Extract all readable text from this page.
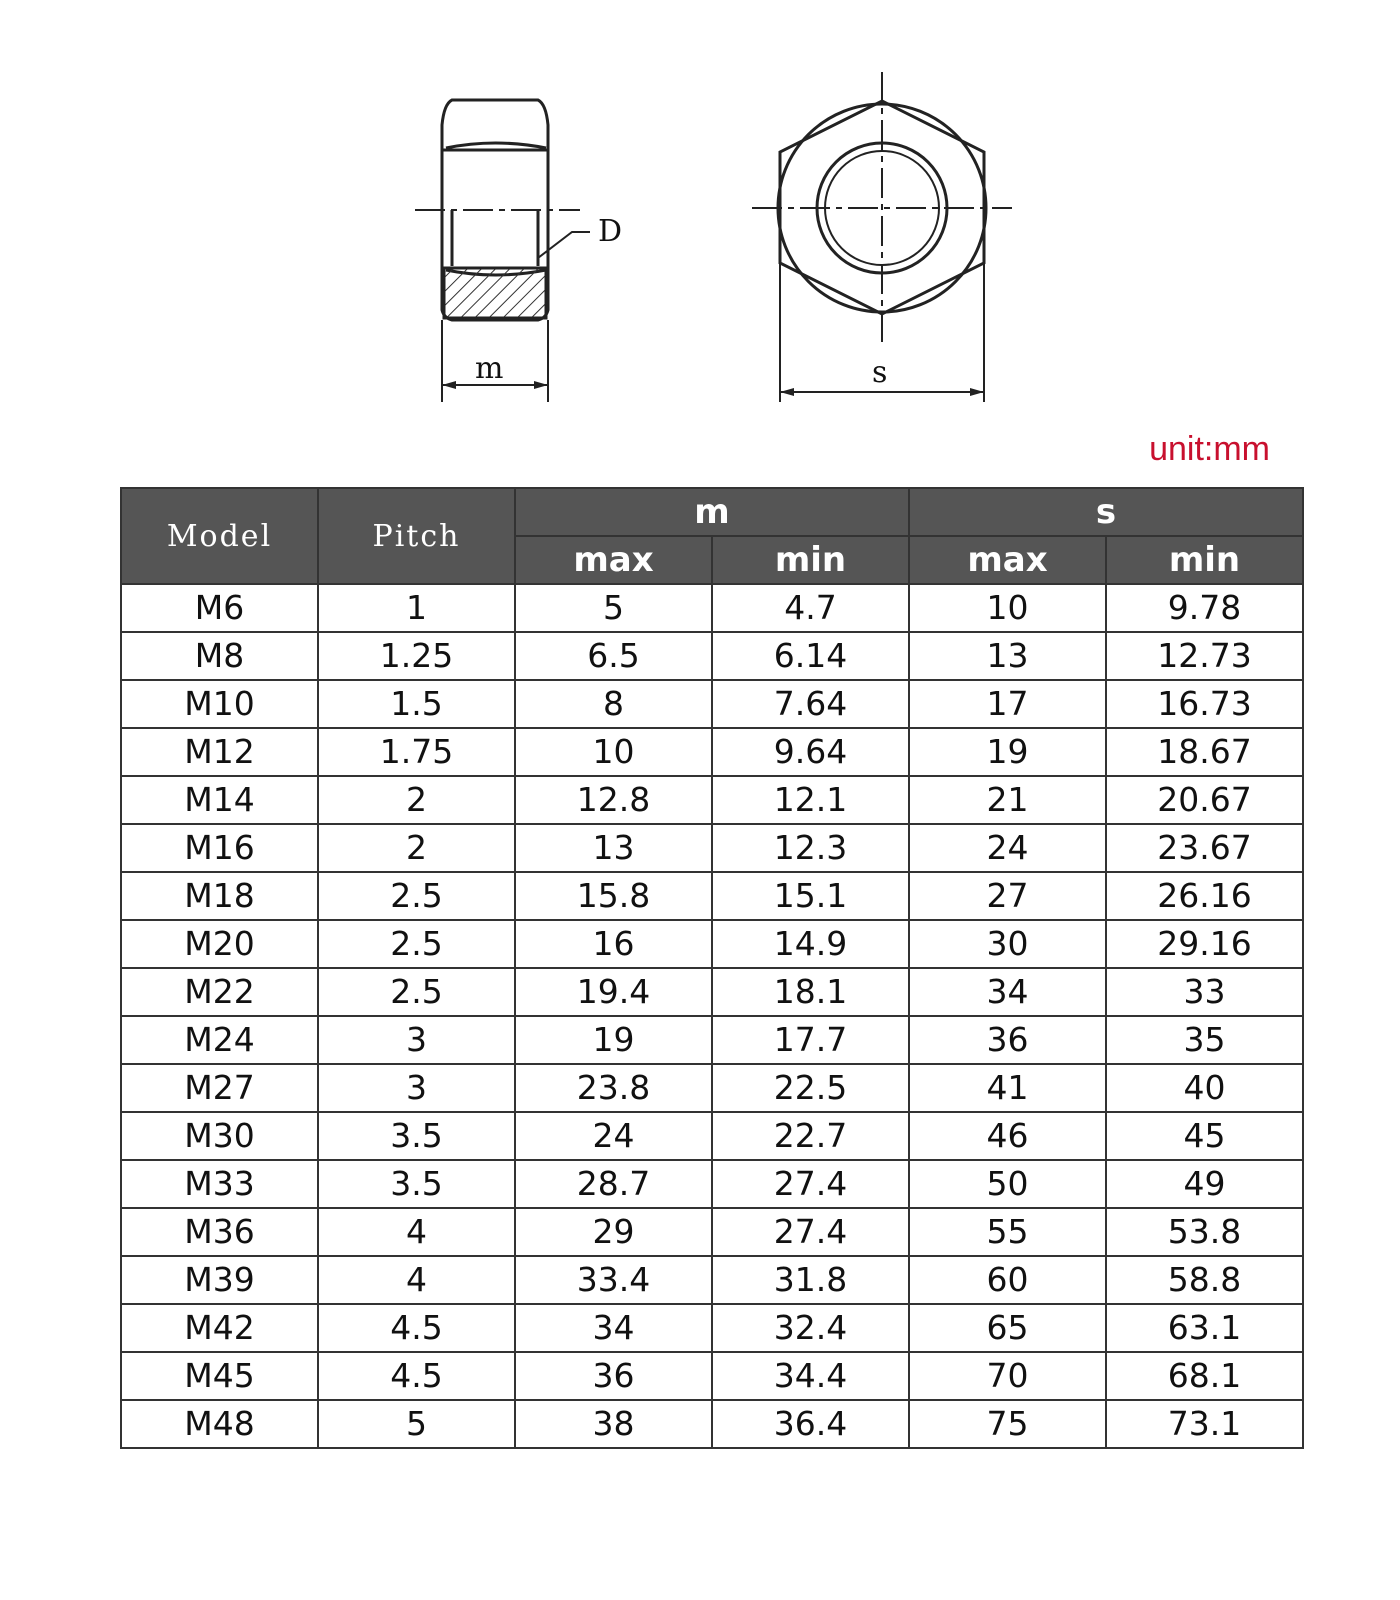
D
m	s
unit:mm
Model	Pitch	m		s	
		max	min	max	min
M6	1	5	4.7	10	9.78
M8	1.25	6.5	6.14	13	12.73
M10	1.5	8	7.64	17	16.73
M12	1.75	10	9.64	19	18.67
M14	2	12.8	12.1	21	20.67
M16	2	13	12.3	24	23.67
M18	2.5	15.8	15.1	27	26.16
M20	2.5	16	14.9	30	29.16
M22	2.5	19.4	18.1	34	33
M24	3	19	17.7	36	35
M27	3	23.8	22.5	41	40
M30	3.5	24	22.7	46	45
M33	3.5	28.7	27.4	50	49
M36	4	29	27.4	55	53.8
M39	4	33.4	31.8	60	58.8
M42	4.5	34	32.4	65	63.1
M45	4.5	36	34.4	70	68.1
M48	5	38	36.4	75	73.1
